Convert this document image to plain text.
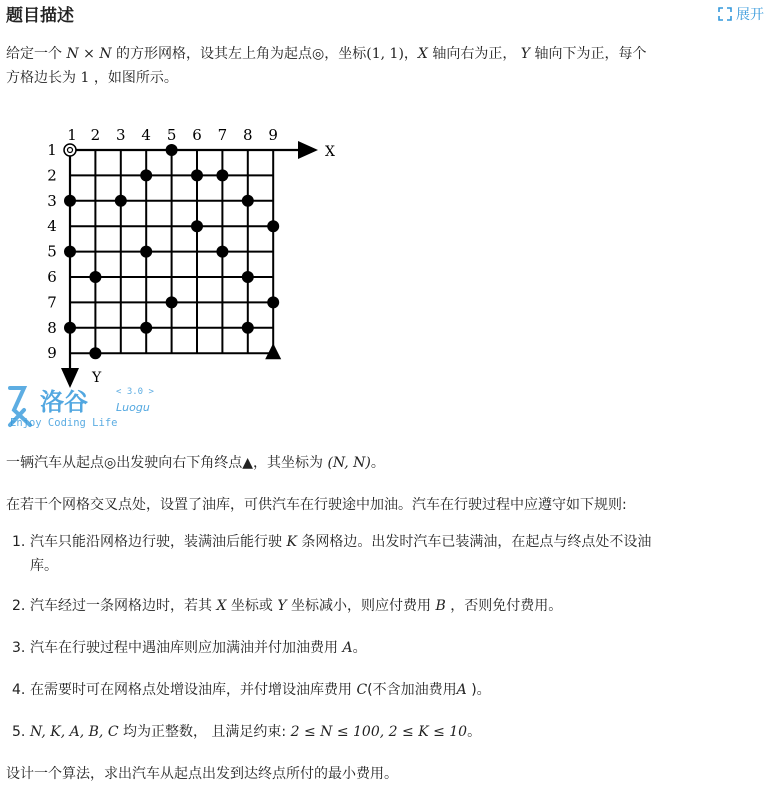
题目描述	展开
给定一个 N × N 的方形网格，设其左上角为起点◎，坐标(1, 1)，X 轴向右为正， Y 轴向下为正，每个
方格边长为 1 ，如图所示。
1 2 3 4 5 6 7 8 9
1
2
3
4
5
6
7
8
9
X
Y
洛谷	< 3.0 >
Luogu
Enjoy Coding Life
一辆汽车从起点◎出发驶向右下角终点▲，其坐标为 (N, N)。
在若干个网格交叉点处，设置了油库，可供汽车在行驶途中加油。汽车在行驶过程中应遵守如下规则:
1. 汽车只能沿网格边行驶，装满油后能行驶 K 条网格边。出发时汽车已装满油，在起点与终点处不设油
库。
2. 汽车经过一条网格边时，若其 X 坐标或 Y 坐标减小，则应付费用 B ，否则免付费用。
3. 汽车在行驶过程中遇油库则应加满油并付加油费用 A。
4. 在需要时可在网格点处增设油库，并付增设油库费用 C(不含加油费用A )。
5. N, K, A, B, C 均为正整数， 且满足约束: 2 ≤ N ≤ 100, 2 ≤ K ≤ 10。
设计一个算法，求出汽车从起点出发到达终点所付的最小费用。
